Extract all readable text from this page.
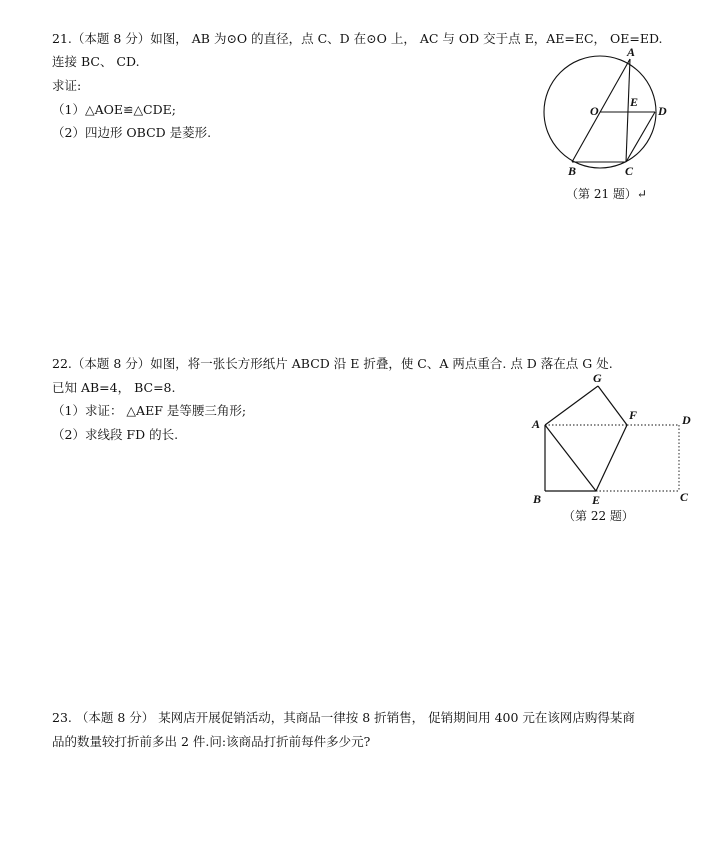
21.（本题 8 分）如图， AB 为⊙O 的直径，点 C、D 在⊙O 上， AC 与 OD 交于点 E，AE=EC， OE=ED.
连接 BC、 CD.
求证:
（1）△AOE≌△CDE;
（2）四边形 OBCD 是菱形.
A
O
E
D
B	C
（第 21 题）↵
22.（本题 8 分）如图，将一张长方形纸片 ABCD 沿 E 折叠，使 C、A 两点重合. 点 D 落在点 G 处.
已知 AB=4， BC=8.
（1）求证： △AEF 是等腰三角形;
（2）求线段 FD 的长.
G
A
F	D
B	E	C
（第 22 题）
23. （本题 8 分） 某网店开展促销活动，其商品一律按 8 折销售， 促销期间用 400 元在该网店购得某商
品的数量较打折前多出 2 件.问:该商品打折前每件多少元?
